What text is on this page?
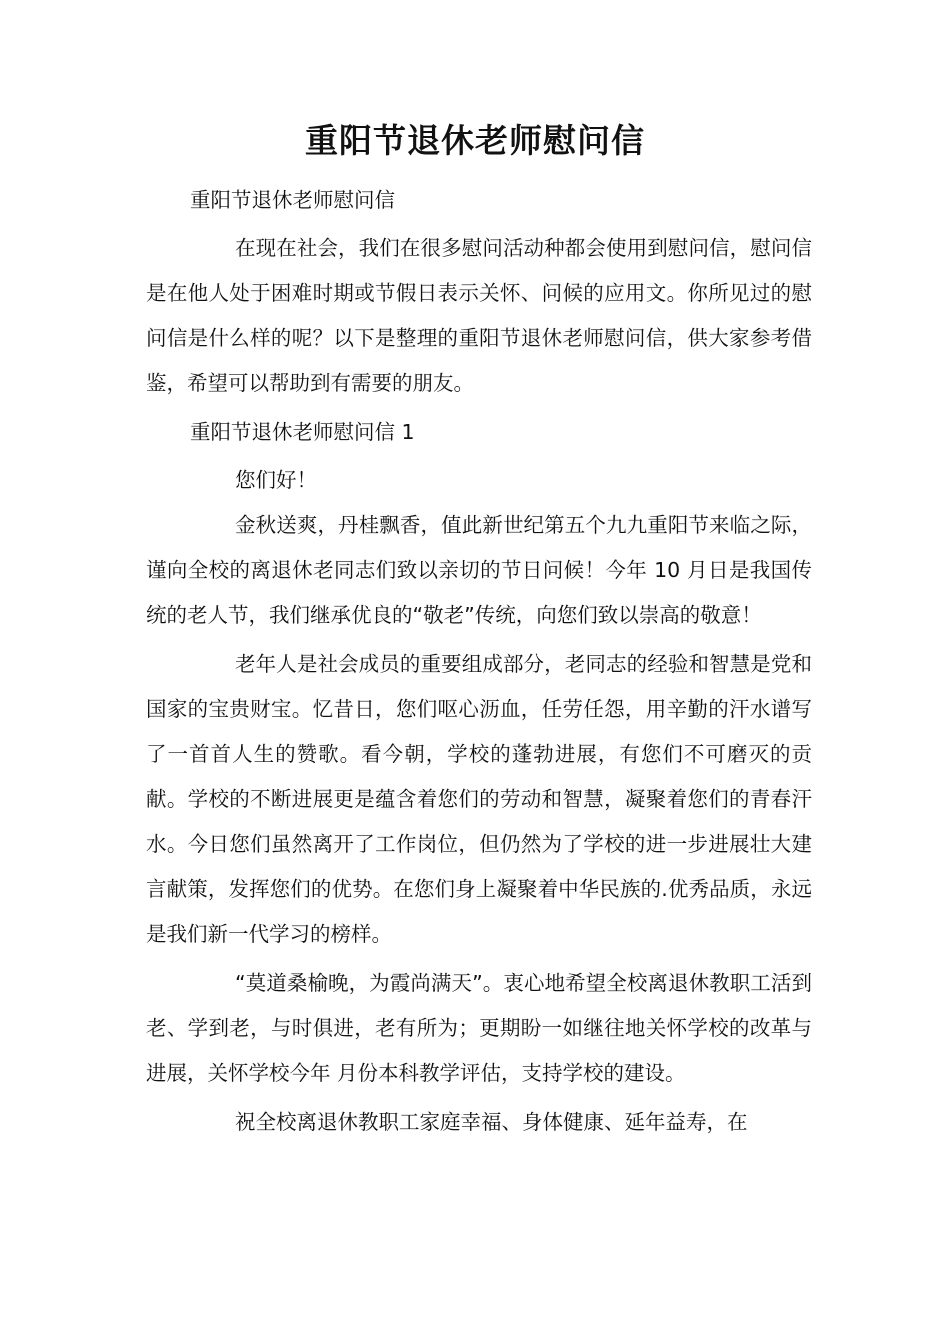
重阳节退休老师慰问信

重阳节退休老师慰问信

在现在社会，我们在很多慰问活动种都会使用到慰问信，慰问信是在他人处于困难时期或节假日表示关怀、问候的应用文。你所见过的慰问信是什么样的呢？以下是整理的重阳节退休老师慰问信，供大家参考借鉴，希望可以帮助到有需要的朋友。

重阳节退休老师慰问信 1

您们好！

金秋送爽，丹桂飘香，值此新世纪第五个九九重阳节来临之际，谨向全校的离退休老同志们致以亲切的节日问候！今年 10 月日是我国传统的老人节，我们继承优良的“敬老”传统，向您们致以崇高的敬意！

老年人是社会成员的重要组成部分，老同志的经验和智慧是党和国家的宝贵财宝。忆昔日，您们呕心沥血，任劳任怨，用辛勤的汗水谱写了一首首人生的赞歌。看今朝，学校的蓬勃进展，有您们不可磨灭的贡献。学校的不断进展更是蕴含着您们的劳动和智慧，凝聚着您们的青春汗水。今日您们虽然离开了工作岗位，但仍然为了学校的进一步进展壮大建言献策，发挥您们的优势。在您们身上凝聚着中华民族的.优秀品质，永远是我们新一代学习的榜样。

“莫道桑榆晚，为霞尚满天”。衷心地希望全校离退休教职工活到老、学到老，与时俱进，老有所为；更期盼一如继往地关怀学校的改革与进展，关怀学校今年 月份本科教学评估，支持学校的建设。

祝全校离退休教职工家庭幸福、身体健康、延年益寿，在
